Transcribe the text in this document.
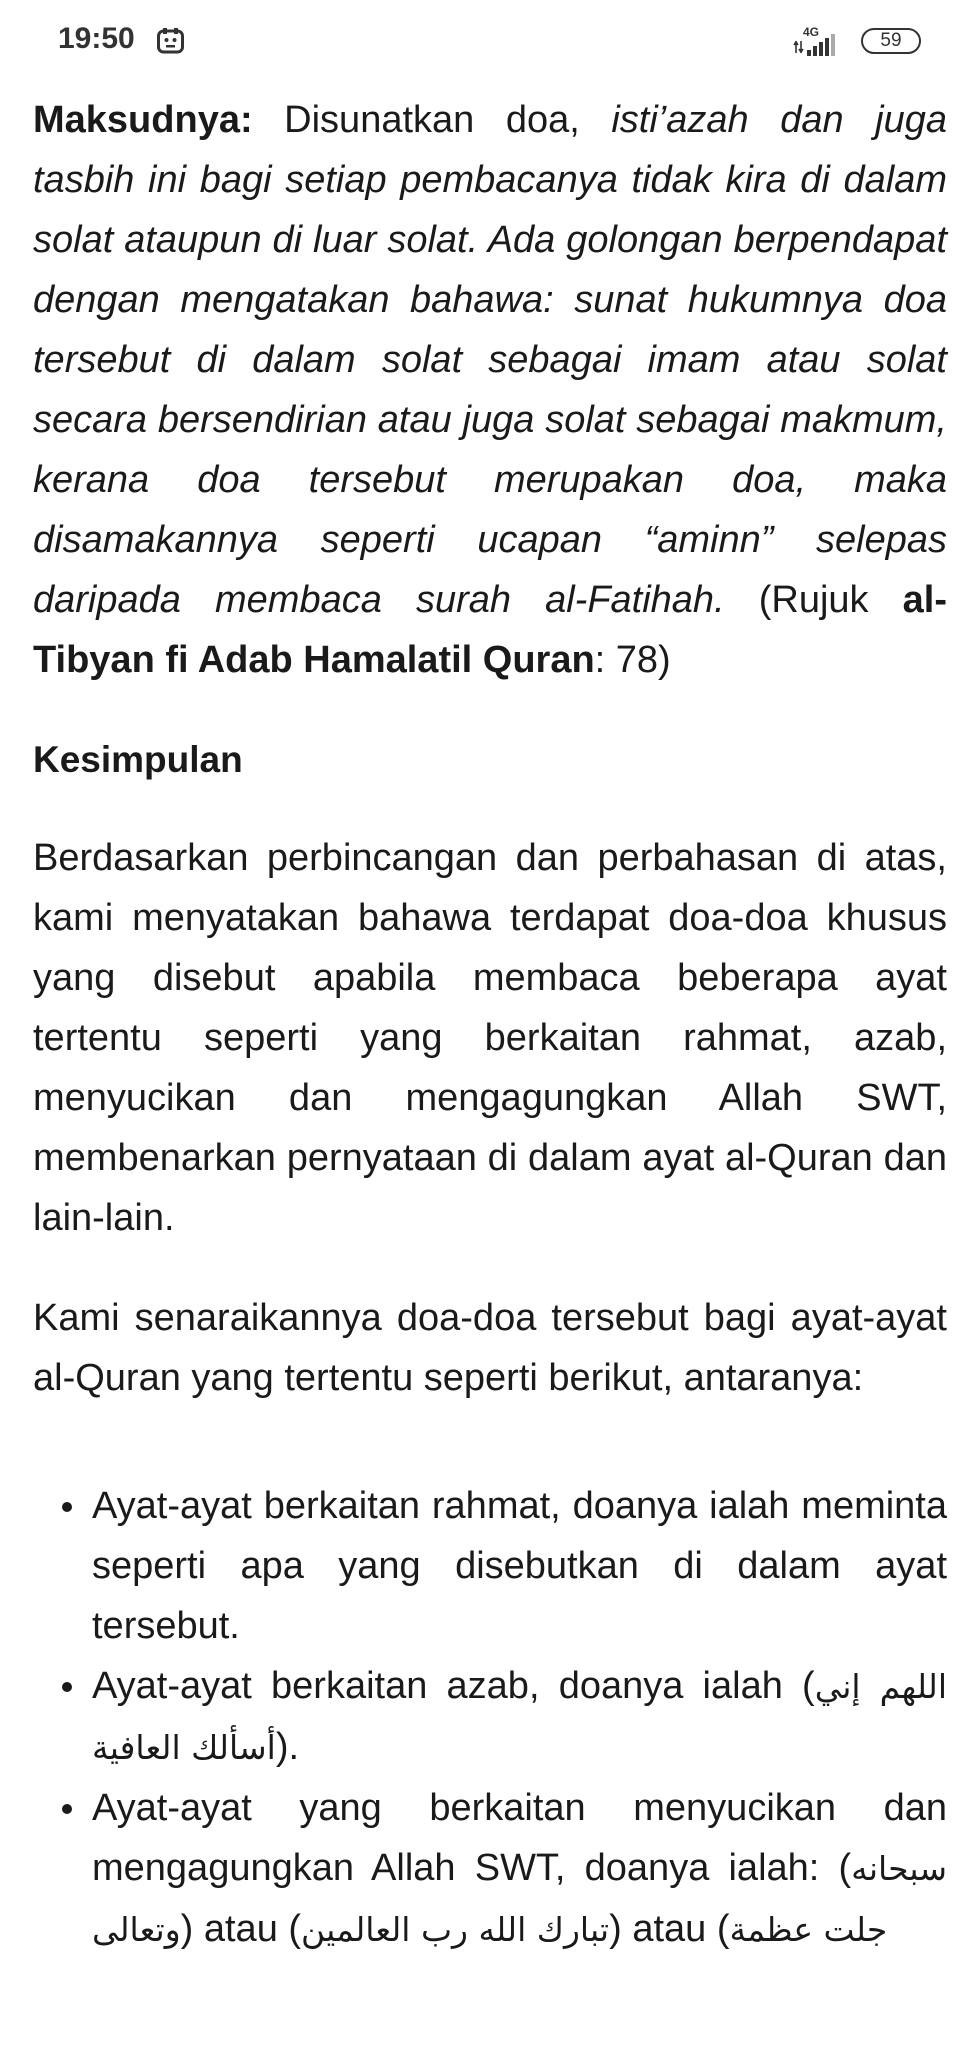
19:50	4G	59

Maksudnya: Disunatkan doa, isti’azah dan juga tasbih ini bagi setiap pembacanya tidak kira di dalam solat ataupun di luar solat. Ada golongan berpendapat dengan mengatakan bahawa: sunat hukumnya doa tersebut di dalam solat sebagai imam atau solat secara bersendirian atau juga solat sebagai makmum, kerana doa tersebut merupakan doa, maka disamakannya seperti ucapan “aminn” selepas daripada membaca surah al-Fatihah. (Rujuk al-Tibyan fi Adab Hamalatil Quran: 78)

Kesimpulan

Berdasarkan perbincangan dan perbahasan di atas, kami menyatakan bahawa terdapat doa-doa khusus yang disebut apabila membaca beberapa ayat tertentu seperti yang berkaitan rahmat, azab, menyucikan dan mengagungkan Allah SWT, membenarkan pernyataan di dalam ayat al-Quran dan lain-lain.

Kami senaraikannya doa-doa tersebut bagi ayat-ayat al-Quran yang tertentu seperti berikut, antaranya:

Ayat-ayat berkaitan rahmat, doanya ialah meminta seperti apa yang disebutkan di dalam ayat tersebut.
Ayat-ayat berkaitan azab, doanya ialah (اللهم إني أسألك العافية).
Ayat-ayat yang berkaitan menyucikan dan mengagungkan Allah SWT, doanya ialah: (سبحانه وتعالى) atau (تبارك الله رب العالمين) atau (جلت عظمة
